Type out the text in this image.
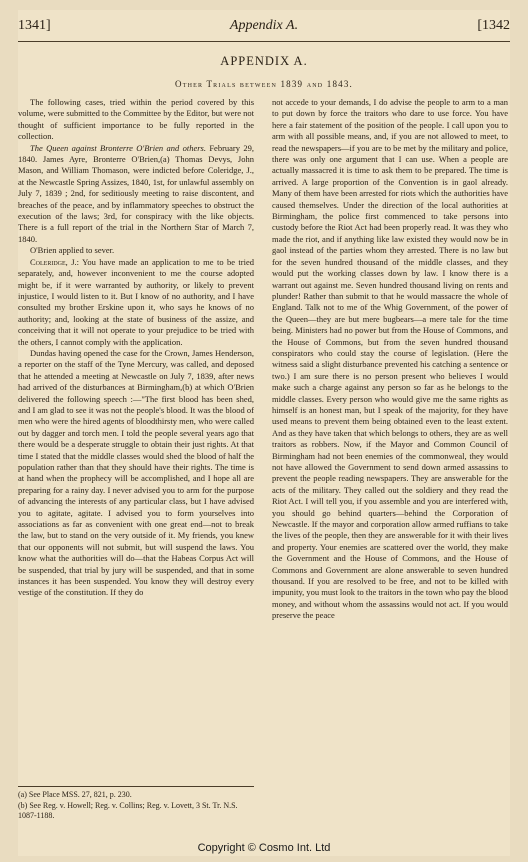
1341]	Appendix A.	[1342
APPENDIX A.
Other Trials between 1839 and 1843.

The following cases, tried within the period covered by this volume, were submitted to the Committee by the Editor, but were not thought of sufficient importance to be fully reported in the collection.

The Queen against Bronterre O'Brien and others. February 29, 1840. James Ayre, Bronterre O'Brien,(a) Thomas Devys, John Mason, and William Thomason, were indicted before Coleridge, J., at the Newcastle Spring Assizes, 1840, 1st, for unlawful assembly on July 7, 1839 ; 2nd, for seditiously meeting to raise discontent, and breaches of the peace, and by inflammatory speeches to obstruct the execution of the laws; 3rd, for conspiracy with the like objects. There is a full report of the trial in the Northern Star of March 7, 1840.

O'Brien applied to sever.

Coleridge, J.: You have made an application to me to be tried separately, and, however inconvenient to me the course adopted might be, if it were warranted by authority, or likely to prevent injustice, I would listen to it. But I know of no authority, and I have consulted my brother Erskine upon it, who says he knows of no authority; and, looking at the state of business of the assize, and conceiving that it will not operate to your prejudice to be tried with the others, I cannot comply with the application.

Dundas having opened the case for the Crown, James Henderson, a reporter on the staff of the Tyne Mercury, was called, and deposed that he attended a meeting at Newcastle on July 7, 1839, after news had arrived of the disturbances at Birmingham,(b) at which O'Brien delivered the following speech :—"The first blood has been shed, and I am glad to see it was not the people's blood. It was the blood of men who were the hired agents of bloodthirsty men, who were called out by dagger and torch men. I told the people several years ago that there would be a desperate struggle to obtain their just rights. At that time I stated that the middle classes would shed the blood of half the population rather than that they should have their rights. The time is at hand when the prophecy will be accomplished, and I hope all are preparing for a rainy day. I never advised you to arm for the purpose of advancing the interests of any particular class, but I have advised you to agitate, agitate. I advised you to form yourselves into associations as far as convenient with one great end—not to break the law, but to stand on the very outside of it. My friends, you knew that our opponents will not submit, but will suspend the laws. You know what the authorities will do—that the Habeas Corpus Act will be suspended, that trial by jury will be suspended, and that in some instances it has been suspended. You know they will destroy every vestige of the constitution. If they do

not accede to your demands, I do advise the people to arm to a man to put down by force the traitors who dare to use force. You have here a fair statement of the position of the people. I call upon you to arm with all possible means, and, if you are not allowed to meet, to read the newspapers—if you are to be met by the military and police, there was only one argument that I can use. When a people are actually massacred it is time to ask them to be prepared. The time is arrived. A large proportion of the Convention is in gaol already. Many of them have been arrested for riots which the authorities have caused themselves. Under the direction of the local authorities at Birmingham, the police first commenced to take persons into custody before the Riot Act had been properly read. It was they who made the riot, and if anything like law existed they would now be in gaol instead of the parties whom they arrested. There is no law but for the seven hundred thousand of the middle classes, and they would put the working classes down by law. I know there is a warrant out against me. Seven hundred thousand living on rents and plunder! Rather than submit to that he would massacre the whole of England. Talk not to me of the Whig Government, of the power of the Queen—they are but mere bugbears—a mere tale for the time being. Ministers had no power but from the House of Commons, and the House of Commons, but from the seven hundred thousand conspirators who could stay the course of legislation. (Here the witness said a slight disturbance prevented his catching a sentence or two.) I am sure there is no person present who believes I would make such a charge against any person so far as he belongs to the middle classes. Every person who would give me the same rights as himself is an honest man, but I speak of the majority, for they have used means to prevent them being obtained even to the least extent. And as they have taken that which belongs to others, they are as well traitors as robbers. Now, if the Mayor and Common Council of Birmingham had not been enemies of the commonweal, they would not have allowed the Government to send down armed assassins to prevent the people reading newspapers. They are answerable for the acts of the military. They called out the soldiery and they read the Riot Act. I will tell you, if you assemble and you are interfered with, you should go behind quarters—behind the Corporation of Newcastle. If the mayor and corporation allow armed ruffians to take the lives of the people, then they are answerable for it with their lives and property. Your enemies are scattered over the world, they make the Government and the House of Commons, and the House of Commons and Government are alone answerable to seven hundred thousand. If you are resolved to be free, and not to be killed with impunity, you must look to the traitors in the town who pay the blood money, and without whom the assassins would not act. If you would preserve the peace

(a) See Place MSS. 27, 821, p. 230.
(b) See Reg. v. Howell; Reg. v. Collins; Reg. v. Lovett, 3 St. Tr. N.S. 1087-1188.
Copyright © Cosmo Int. Ltd
